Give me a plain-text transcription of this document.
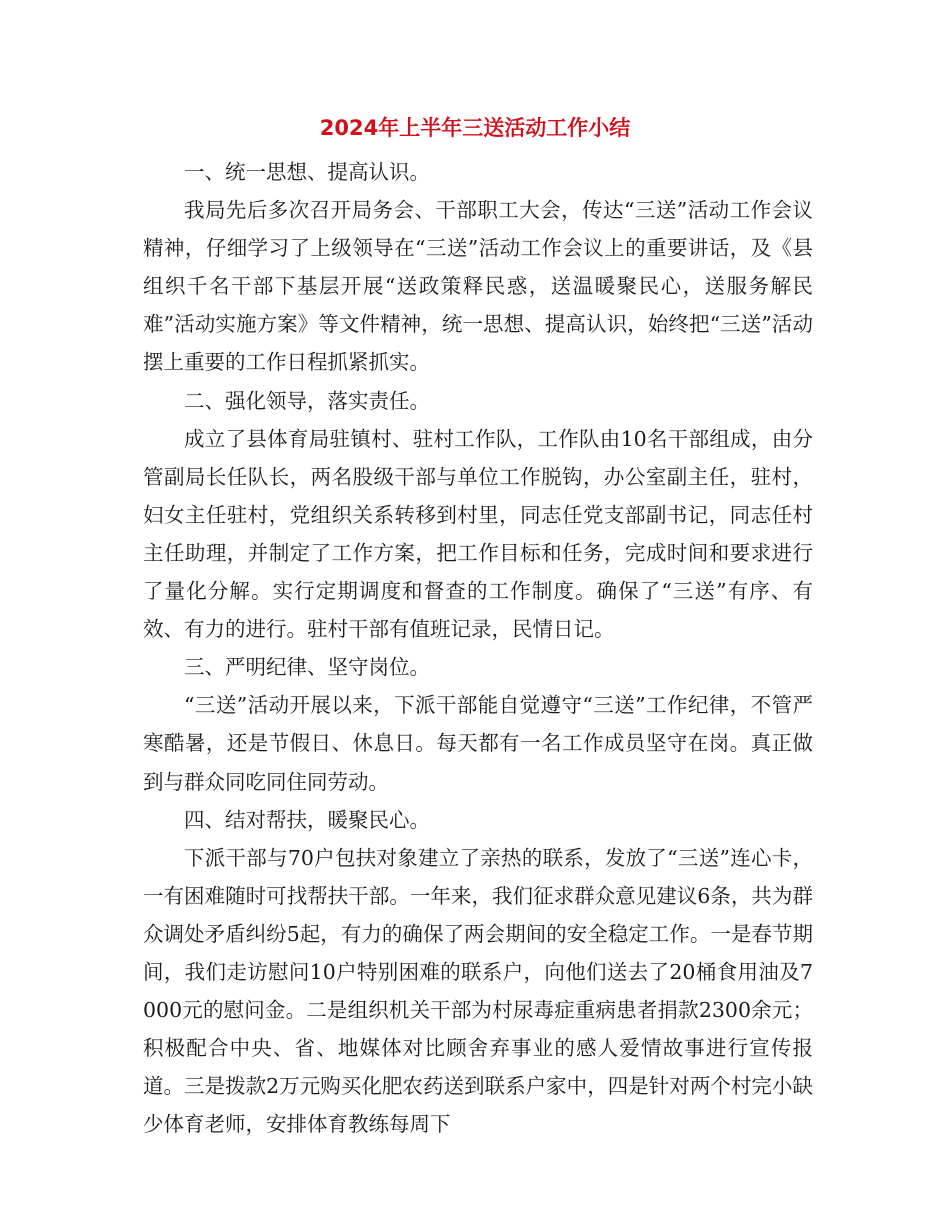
2024年上半年三送活动工作小结

一、统一思想、提高认识。

我局先后多次召开局务会、干部职工大会，传达“三送”活动工作会议精神，仔细学习了上级领导在“三送”活动工作会议上的重要讲话，及《县组织千名干部下基层开展“送政策释民惑，送温暖聚民心，送服务解民难”活动实施方案》等文件精神，统一思想、提高认识，始终把“三送”活动摆上重要的工作日程抓紧抓实。

二、强化领导，落实责任。

成立了县体育局驻镇村、驻村工作队，工作队由10名干部组成，由分管副局长任队长，两名股级干部与单位工作脱钩，办公室副主任，驻村，妇女主任驻村，党组织关系转移到村里，同志任党支部副书记，同志任村主任助理，并制定了工作方案，把工作目标和任务，完成时间和要求进行了量化分解。实行定期调度和督查的工作制度。确保了“三送”有序、有效、有力的进行。驻村干部有值班记录，民情日记。

三、严明纪律、坚守岗位。

“三送”活动开展以来，下派干部能自觉遵守“三送”工作纪律，不管严寒酷暑，还是节假日、休息日。每天都有一名工作成员坚守在岗。真正做到与群众同吃同住同劳动。

四、结对帮扶，暖聚民心。

下派干部与70户包扶对象建立了亲热的联系，发放了“三送”连心卡，一有困难随时可找帮扶干部。一年来，我们征求群众意见建议6条，共为群众调处矛盾纠纷5起，有力的确保了两会期间的安全稳定工作。一是春节期间，我们走访慰问10户特别困难的联系户，向他们送去了20桶食用油及7000元的慰问金。二是组织机关干部为村尿毒症重病患者捐款2300余元；积极配合中央、省、地媒体对比顾舍弃事业的感人爱情故事进行宣传报道。三是拨款2万元购买化肥农药送到联系户家中，四是针对两个村完小缺少体育老师，安排体育教练每周下
